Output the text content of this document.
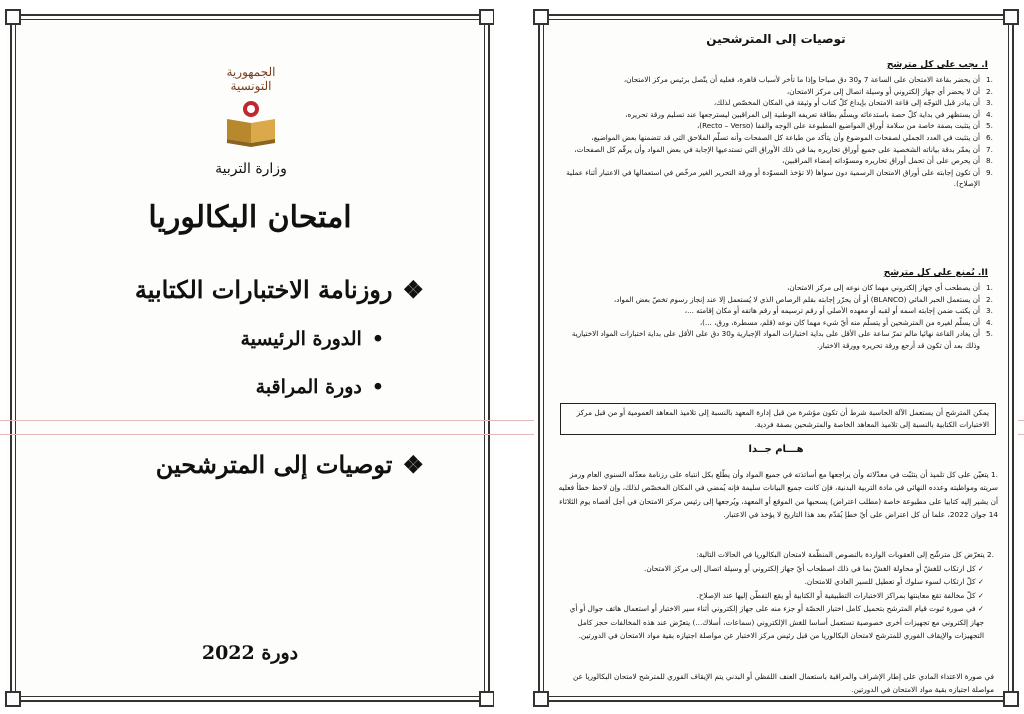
الجمهورية التونسية
وزارة التربية
امتحان البكالوريا
❖روزنامة الاختبارات الكتابية
•الدورة الرئيسية
•دورة المراقبة
❖توصيات إلى المترشحين
دورة 2022
توصيات إلى المترشحين
I. يجب على كل مترشح
.1
أن يحضر بقاعة الامتحان على الساعة 7 و30 دق صباحا وإذا ما تأخر لأسباب قاهرة، فعليه أن يتّصل برئيس مركز الامتحان،
.2
أن لا يحضر أي جهاز إلكتروني أو وسيلة اتصال إلى مركز الامتحان،
.3
أن يبادر قبل التوجّه إلى قاعة الامتحان بإيداع كلّ كتاب أو وثيقة في المكان المخصّص لذلك،
.4
أن يستظهر في بداية كلّ حصة باستدعائه ويسلّم بطاقة تعريفه الوطنية إلى المراقبين ليسترجعها عند تسليم ورقة تحريره،
.5
أن يتثبت بصفة خاصة من سلامة أوراق المواضيع المطبوعة على الوجه والقفا (Recto – Verso)،
.6
أن يتثبت في العدد الجملي لصفحات الموضوع وأن يتأكد من طباعة كل الصفحات وأنه تسلّم الملاحق التي قد تتضمنها بعض المواضيع،
.7
أن يعمّر بدقة بياناته الشخصية على جميع أوراق تحاريره بما في ذلك الأوراق التي تستدعيها الإجابة في بعض المواد وأن يرقّم كل الصفحات،
.8
أن يحرص على أن تحمل أوراق تحاريره ومسوّداته إمضاء المراقبين،
.9
أن تكون إجابته على أوراق الامتحان الرسمية دون سواها (لا تؤخذ المسوّدة أو ورقة التحرير الغير مرخّص في استعمالها في الاعتبار أثناء عملية الإصلاح).
II. يُمنع على كل مترشح
.1
أن يصطحب أي جهاز إلكتروني مهما كان نوعه إلى مركز الامتحان،
.2
أن يستعمل الحبر المائي (BLANCO) أو أن يحرّر إجابته بقلم الرصاص الذي لا يُستعمل إلا عند إنجاز رسوم تخصّ بعض المواد،
.3
أن يكتب ضمن إجابته اسمه أو لقبه أو معهده الأصلي أو رقم ترسيمه أو رقم هاتفه أو مكان إقامته ...،
.4
أن يسلّم لغيره من المترشحين أو يتسلّم منه أيّ شيء مهما كان نوعه (قلم، مسطرة، ورق، ...)،
.5
أن يغادر القاعة نهائيا مالم تمرّ ساعة على الأقل على بداية اختبارات المواد الإجبارية و30 دق على الأقل على بداية اختبارات المواد الاختيارية وذلك بعد أن تكون قد أرجع ورقة تحريره وورقة الاختبار.
يمكن المترشح أن يستعمل الآلة الحاسبة شرط أن تكون مؤشرة من قبل إدارة المعهد بالنسبة إلى تلاميذ المعاهد العمومية أو من قبل مركز الاختبارات الكتابية بالنسبة إلى تلاميذ المعاهد الخاصة والمترشحين بصفة فردية.
هـــام جــدا
.1 يتعيّن على كل تلميذ أن يتثبّت في معدّلاته وأن يراجعها مع أساتذته في جميع المواد وأن يطّلع بكل انتباه على رزنامة معدّله السنوي العام ورمز سريته ومواظبته وعدده النهائي في مادة التربية البدنية، فإن كانت جميع البيانات سليمة فإنه يُمضي في المكان المخصّص لذلك، وإن لاحظ خطأ فعليه أن يشير إليه كتابيا على مطبوعة خاصة (مطلب اعتراض) يسحبها من الموقع أو المعهد، ويُرجعها إلى رئيس مركز الامتحان في أجل أقصاه يوم الثلاثاء 14 جوان 2022، علما أن كل اعتراض على أيّ خطإ يُقدّم بعد هذا التاريخ لا يؤخذ في الاعتبار.
.2 يتعرّض كل مترشّح إلى العقوبات الواردة بالنصوص المنظّمة لامتحان البكالوريا في الحالات التالية:
✓ كل ارتكاب للغشّ أو محاولة الغشّ بما في ذلك اصطحاب أيّ جهاز إلكتروني أو وسيلة اتصال إلى مركز الامتحان.
✓ كلّ ارتكاب لسوء سلوك أو تعطيل للسير العادي للامتحان.
✓ كلّ مخالفة تقع معاينتها بمراكز الاختبارات التطبيقية أو الكتابية أو يقع التفطّن إليها عند الإصلاح.
✓ في صورة ثبوت قيام المترشح بتحميل كامل اختبار الحصّة أو جزء منه على جهاز إلكتروني أثناء سير الاختبار أو استعمال هاتف جوال أو أي جهاز إلكتروني مع تجهيزات أخرى خصوصية تستعمل أساسا للغش الإلكتروني (سماعات، أسلاك...) يتعرّض عند هذه المخالفات حجز كامل التجهيزات والإيقاف الفوري للمترشح لامتحان البكالوريا من قبل رئيس مركز الاختبار عن مواصلة اجتيازه بقية مواد الامتحان في الدورتين.
في صورة الاعتداء المادي على إطار الإشراف والمراقبة باستعمال العنف اللفظي أو البدني يتم الإيقاف الفوري للمترشح لامتحان البكالوريا عن مواصلة اجتيازه بقية مواد الامتحان في الدورتين.
